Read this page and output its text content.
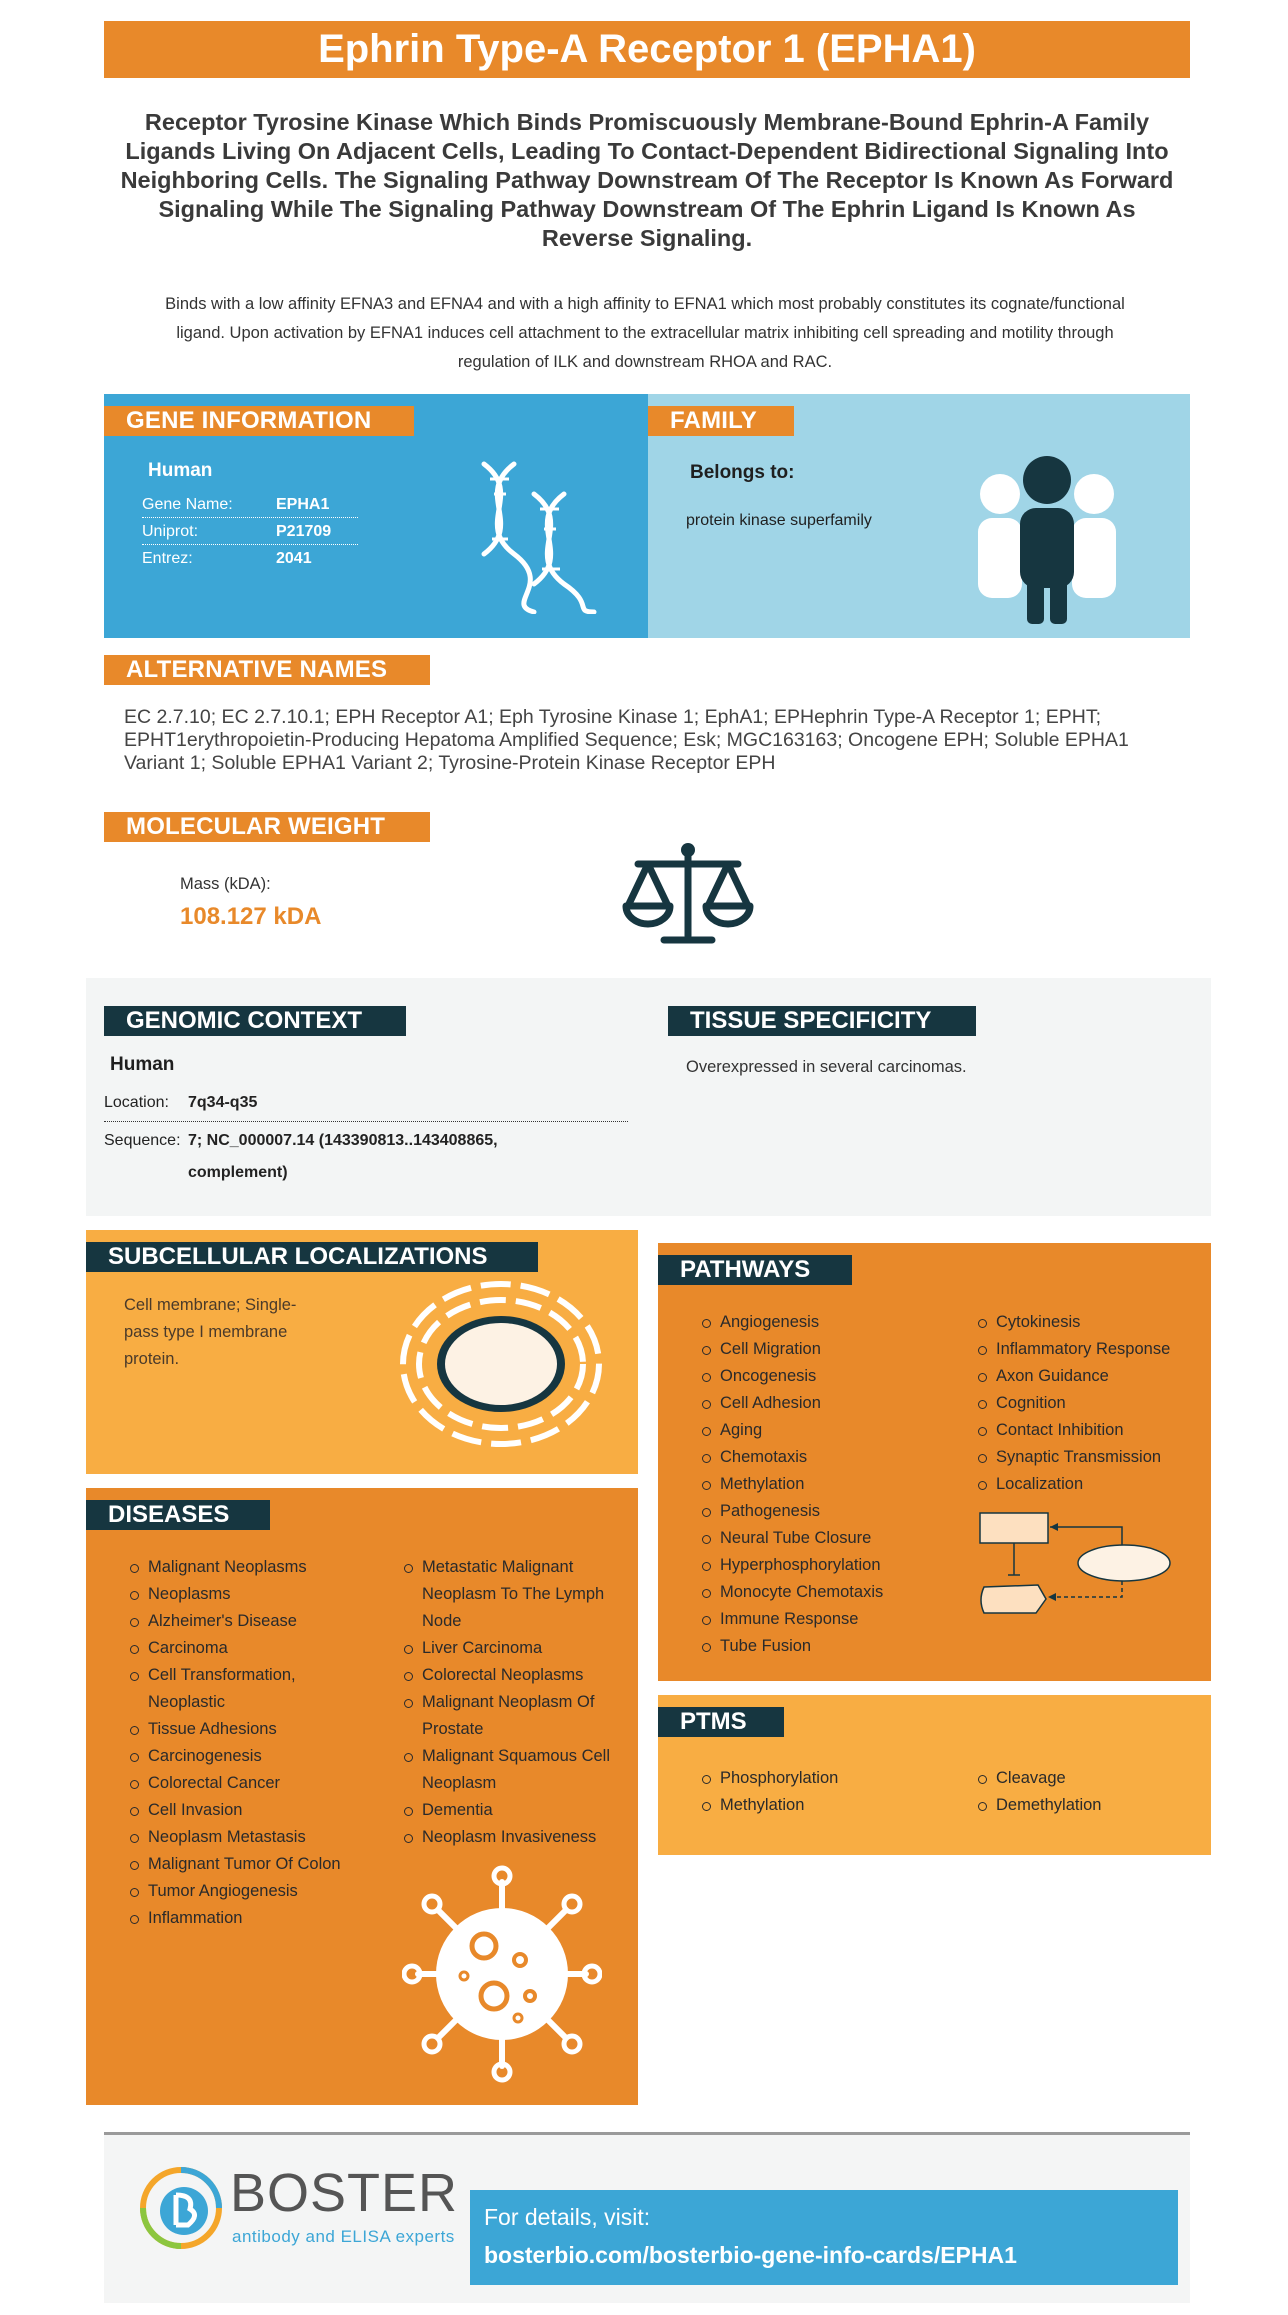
Ephrin Type-A Receptor 1 (EPHA1)
Receptor Tyrosine Kinase Which Binds Promiscuously Membrane-Bound Ephrin-A Family Ligands Living On Adjacent Cells, Leading To Contact-Dependent Bidirectional Signaling Into Neighboring Cells. The Signaling Pathway Downstream Of The Receptor Is Known As Forward Signaling While The Signaling Pathway Downstream Of The Ephrin Ligand Is Known As Reverse Signaling.
Binds with a low affinity EFNA3 and EFNA4 and with a high affinity to EFNA1 which most probably constitutes its cognate/functional ligand. Upon activation by EFNA1 induces cell attachment to the extracellular matrix inhibiting cell spreading and motility through regulation of ILK and downstream RHOA and RAC.
GENE INFORMATION
Human
Gene Name:	EPHA1
Uniprot:	P21709
Entrez:	2041
FAMILY
Belongs to:
protein kinase superfamily
ALTERNATIVE NAMES
EC 2.7.10; EC 2.7.10.1; EPH Receptor A1; Eph Tyrosine Kinase 1; EphA1; EPHephrin Type-A Receptor 1; EPHT; EPHT1erythropoietin-Producing Hepatoma Amplified Sequence; Esk; MGC163163; Oncogene EPH; Soluble EPHA1 Variant 1; Soluble EPHA1 Variant 2; Tyrosine-Protein Kinase Receptor EPH
MOLECULAR WEIGHT
Mass (kDA):
108.127 kDA
GENOMIC CONTEXT
Human
Location: 7q34-q35
Sequence: 7; NC_000007.14 (143390813..143408865,
complement)
TISSUE SPECIFICITY
Overexpressed in several carcinomas.
SUBCELLULAR LOCALIZATIONS
Cell membrane; Single-
pass type I membrane
protein.
DISEASES
Malignant Neoplasms
Neoplasms
Alzheimer's Disease
Carcinoma
Cell Transformation, Neoplastic
Tissue Adhesions
Carcinogenesis
Colorectal Cancer
Cell Invasion
Neoplasm Metastasis
Malignant Tumor Of Colon
Tumor Angiogenesis
Inflammation
Metastatic Malignant Neoplasm To The Lymph Node
Liver Carcinoma
Colorectal Neoplasms
Malignant Neoplasm Of Prostate
Malignant Squamous Cell Neoplasm
Dementia
Neoplasm Invasiveness
PATHWAYS
Angiogenesis
Cell Migration
Oncogenesis
Cell Adhesion
Aging
Chemotaxis
Methylation
Pathogenesis
Neural Tube Closure
Hyperphosphorylation
Monocyte Chemotaxis
Immune Response
Tube Fusion
Cytokinesis
Inflammatory Response
Axon Guidance
Cognition
Contact Inhibition
Synaptic Transmission
Localization
PTMS
Phosphorylation
Methylation
Cleavage
Demethylation
BOSTER
antibody and ELISA experts
For details, visit:
bosterbio.com/bosterbio-gene-info-cards/EPHA1
